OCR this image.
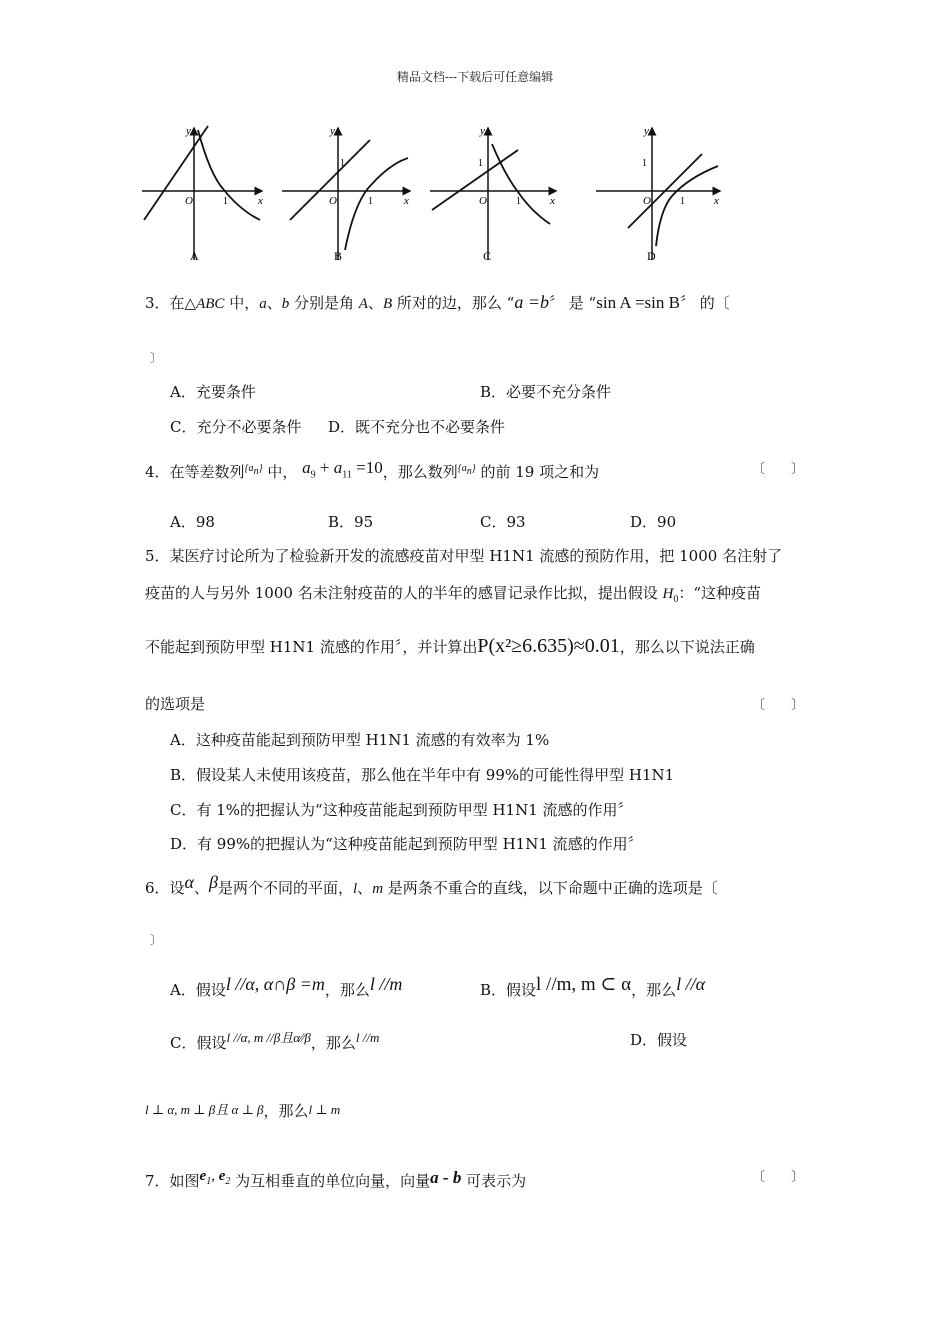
精品文档---下载后可任意编辑
y
x
O	1
A
y
x
O
1
1
B
y
x
O
1
1
C
y
x
O
1
1
D
3．在△ABC 中，a、b 分别是角 A、B 所对的边，那么 “a =b〞 是 “sin A =sin B〞 的〔
〕
A．充要条件	B．必要不充分条件
C．充分不必要条件 D．既不充分也不必要条件
4．在等差数列$^{\{a_n\}}$ 中， $a_9 + a_{11} =10$，那么数列$^{\{a_n\}}$ 的前 19 项之和为	〔　　〕
A．98	B．95	C．93	D．90
5．某医疗讨论所为了检验新开发的流感疫苗对甲型 H1N1 流感的预防作用，把 1000 名注射了
疫苗的人与另外 1000 名未注射疫苗的人的半年的感冒记录作比拟，提出假设 $H_0$：“这种疫苗
不能起到预防甲型 H1N1 流感的作用〞，并计算出P(x²≥6.635)≈0.01，那么以下说法正确
的选项是	〔　　〕
A．这种疫苗能起到预防甲型 H1N1 流感的有效率为 1%
B．假设某人未使用该疫苗，那么他在半年中有 99%的可能性得甲型 H1N1
C．有 1%的把握认为“这种疫苗能起到预防甲型 H1N1 流感的作用〞
D．有 99%的把握认为“这种疫苗能起到预防甲型 H1N1 流感的作用〞
6．设α、β是两个不同的平面，l、m 是两条不重合的直线，以下命题中正确的选项是〔
〕
A．假设l //α, α∩β =m，那么l //m	B．假设l //m, m ⊂ α，那么l //α
C．假设l //α, m //β且α⁄⁄β，那么l //m	D．假设
l ⊥ α, m ⊥ β且 α ⊥ β，那么l ⊥ m
7．如图$e_1$, $e_2$ 为互相垂直的单位向量，向量a - b 可表示为	〔　　〕
